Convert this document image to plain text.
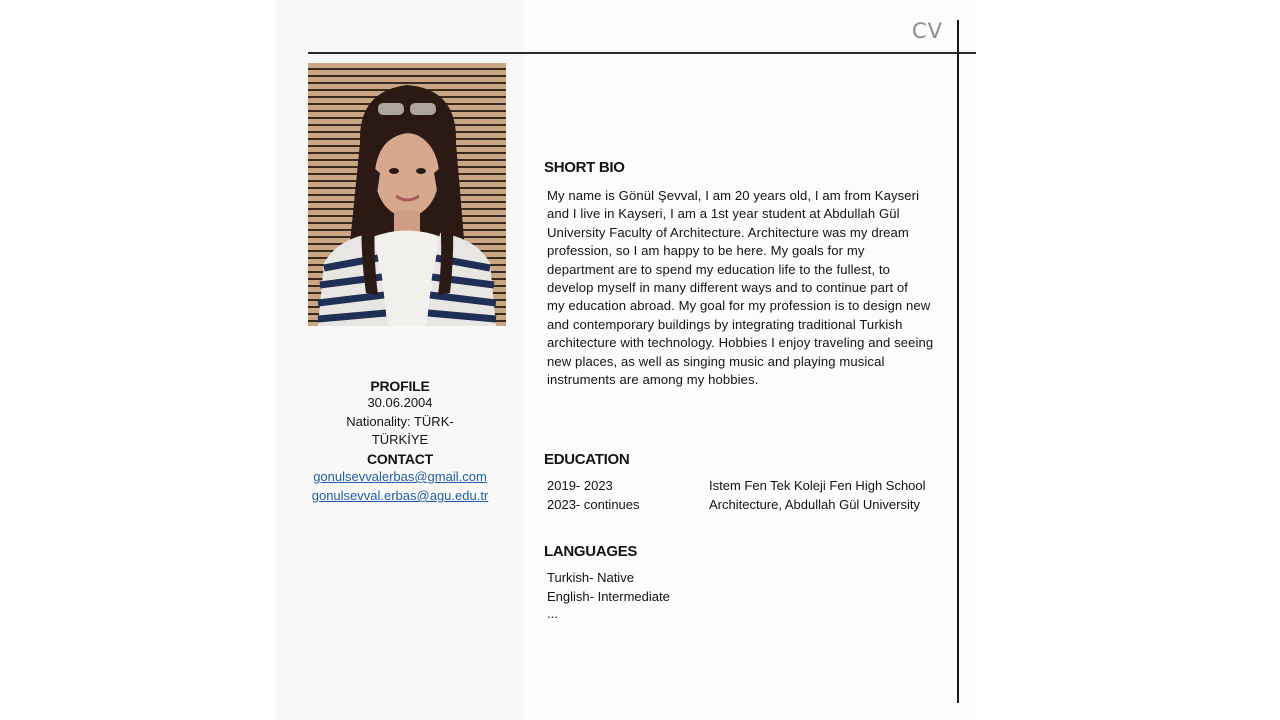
CV
PROFILE
30.06.2004
Nationality: TÜRK-
TÜRKİYE
CONTACT
gonulsevvalerbas@gmail.com
gonulsevval.erbas@agu.edu.tr
SHORT BIO
My name is Gönül Şevval, I am 20 years old, I am from Kayseri
and I live in Kayseri, I am a 1st year student at Abdullah Gül
University Faculty of Architecture. Architecture was my dream
profession, so I am happy to be here. My goals for my
department are to spend my education life to the fullest, to
develop myself in many different ways and to continue part of
my education abroad. My goal for my profession is to design new
and contemporary buildings by integrating traditional Turkish
architecture with technology. Hobbies I enjoy traveling and seeing
new places, as well as singing music and playing musical
instruments are among my hobbies.
EDUCATION
2019- 2023	Istem Fen Tek Koleji Fen High School
2023- continues	Architecture, Abdullah Gül University
LANGUAGES
Turkish- Native
English- Intermediate
...
